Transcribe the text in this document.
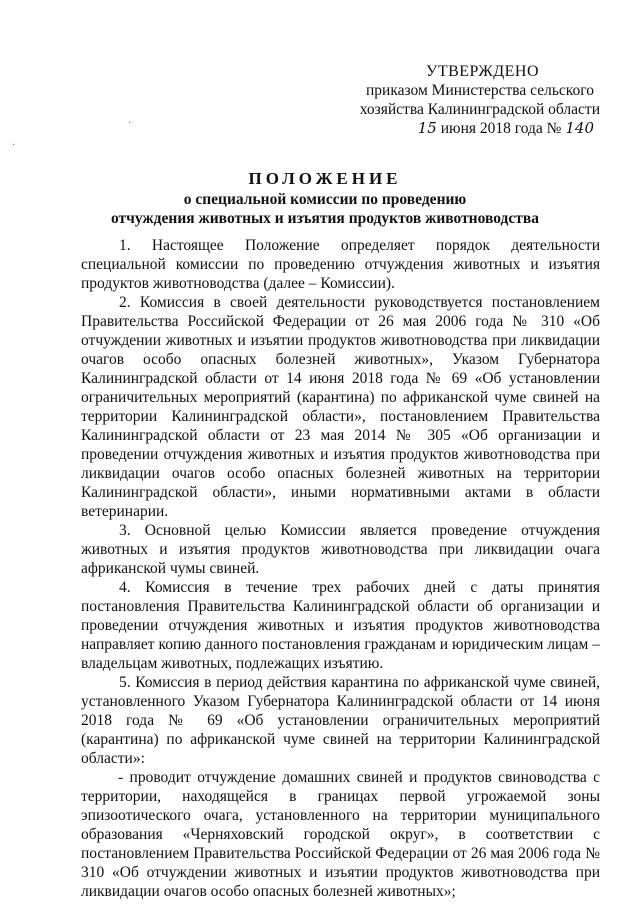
УТВЕРЖДЕНО
приказом Министерства сельского
хозяйства Калининградской области
15 июня 2018 года № 140
ПОЛОЖЕНИЕ
о специальной комиссии по проведению
отчуждения животных и изъятия продуктов животноводства

1. Настоящее Положение определяет порядок деятельности специальной комиссии по проведению отчуждения животных и изъятия продуктов животноводства (далее – Комиссии).

2. Комиссия в своей деятельности руководствуется постановлением Правительства Российской Федерации от 26 мая 2006 года № 310 «Об отчуждении животных и изъятии продуктов животноводства при ликвидации очагов особо опасных болезней животных», Указом Губернатора Калининградской области от 14 июня 2018 года № 69 «Об установлении ограничительных мероприятий (карантина) по африканской чуме свиней на территории Калининградской области», постановлением Правительства Калининградской области от 23 мая 2014 № 305 «Об организации и проведении отчуждения животных и изъятия продуктов животноводства при ликвидации очагов особо опасных болезней животных на территории Калининградской области», иными нормативными актами в области ветеринарии.

3. Основной целью Комиссии является проведение отчуждения животных и изъятия продуктов животноводства при ликвидации очага африканской чумы свиней.

4. Комиссия в течение трех рабочих дней с даты принятия постановления Правительства Калининградской области об организации и проведении отчуждения животных и изъятия продуктов животноводства направляет копию данного постановления гражданам и юридическим лицам – владельцам животных, подлежащих изъятию.

5. Комиссия в период действия карантина по африканской чуме свиней, установленного Указом Губернатора Калининградской области от 14 июня 2018 года № 69 «Об установлении ограничительных мероприятий (карантина) по африканской чуме свиней на территории Калининградской области»:

- проводит отчуждение домашних свиней и продуктов свиноводства с территории, находящейся в границах первой угрожаемой зоны эпизоотического очага, установленного на территории муниципального образования «Черняховский городской округ», в соответствии с постановлением Правительства Российской Федерации от 26 мая 2006 года № 310 «Об отчуждении животных и изъятии продуктов животноводства при ликвидации очагов особо опасных болезней животных»;

·
·
